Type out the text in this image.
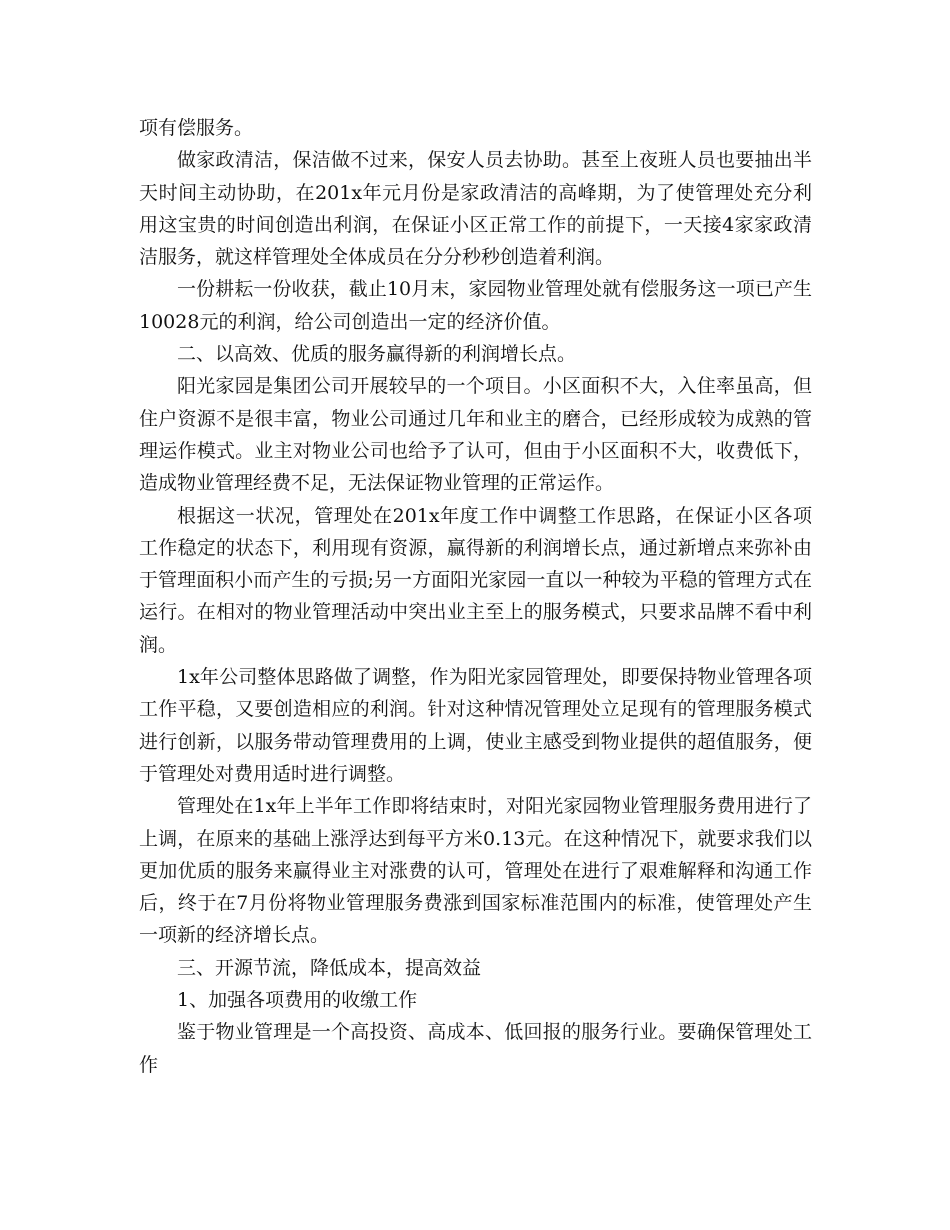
项有偿服务。

做家政清洁，保洁做不过来，保安人员去协助。甚至上夜班人员也要抽出半天时间主动协助，在201x年元月份是家政清洁的高峰期，为了使管理处充分利用这宝贵的时间创造出利润，在保证小区正常工作的前提下，一天接4家家政清洁服务，就这样管理处全体成员在分分秒秒创造着利润。

一份耕耘一份收获，截止10月末，家园物业管理处就有偿服务这一项已产生10028元的利润，给公司创造出一定的经济价值。

二、以高效、优质的服务赢得新的利润增长点。

阳光家园是集团公司开展较早的一个项目。小区面积不大，入住率虽高，但住户资源不是很丰富，物业公司通过几年和业主的磨合，已经形成较为成熟的管理运作模式。业主对物业公司也给予了认可，但由于小区面积不大，收费低下，造成物业管理经费不足，无法保证物业管理的正常运作。

根据这一状况，管理处在201x年度工作中调整工作思路，在保证小区各项工作稳定的状态下，利用现有资源，赢得新的利润增长点，通过新增点来弥补由于管理面积小而产生的亏损;另一方面阳光家园一直以一种较为平稳的管理方式在运行。在相对的物业管理活动中突出业主至上的服务模式，只要求品牌不看中利润。

1x年公司整体思路做了调整，作为阳光家园管理处，即要保持物业管理各项工作平稳，又要创造相应的利润。针对这种情况管理处立足现有的管理服务模式进行创新，以服务带动管理费用的上调，使业主感受到物业提供的超值服务，便于管理处对费用适时进行调整。

管理处在1x年上半年工作即将结束时，对阳光家园物业管理服务费用进行了上调，在原来的基础上涨浮达到每平方米0.13元。在这种情况下，就要求我们以更加优质的服务来赢得业主对涨费的认可，管理处在进行了艰难解释和沟通工作后，终于在7月份将物业管理服务费涨到国家标准范围内的标准，使管理处产生一项新的经济增长点。

三、开源节流，降低成本，提高效益

1、加强各项费用的收缴工作

鉴于物业管理是一个高投资、高成本、低回报的服务行业。要确保管理处工作
